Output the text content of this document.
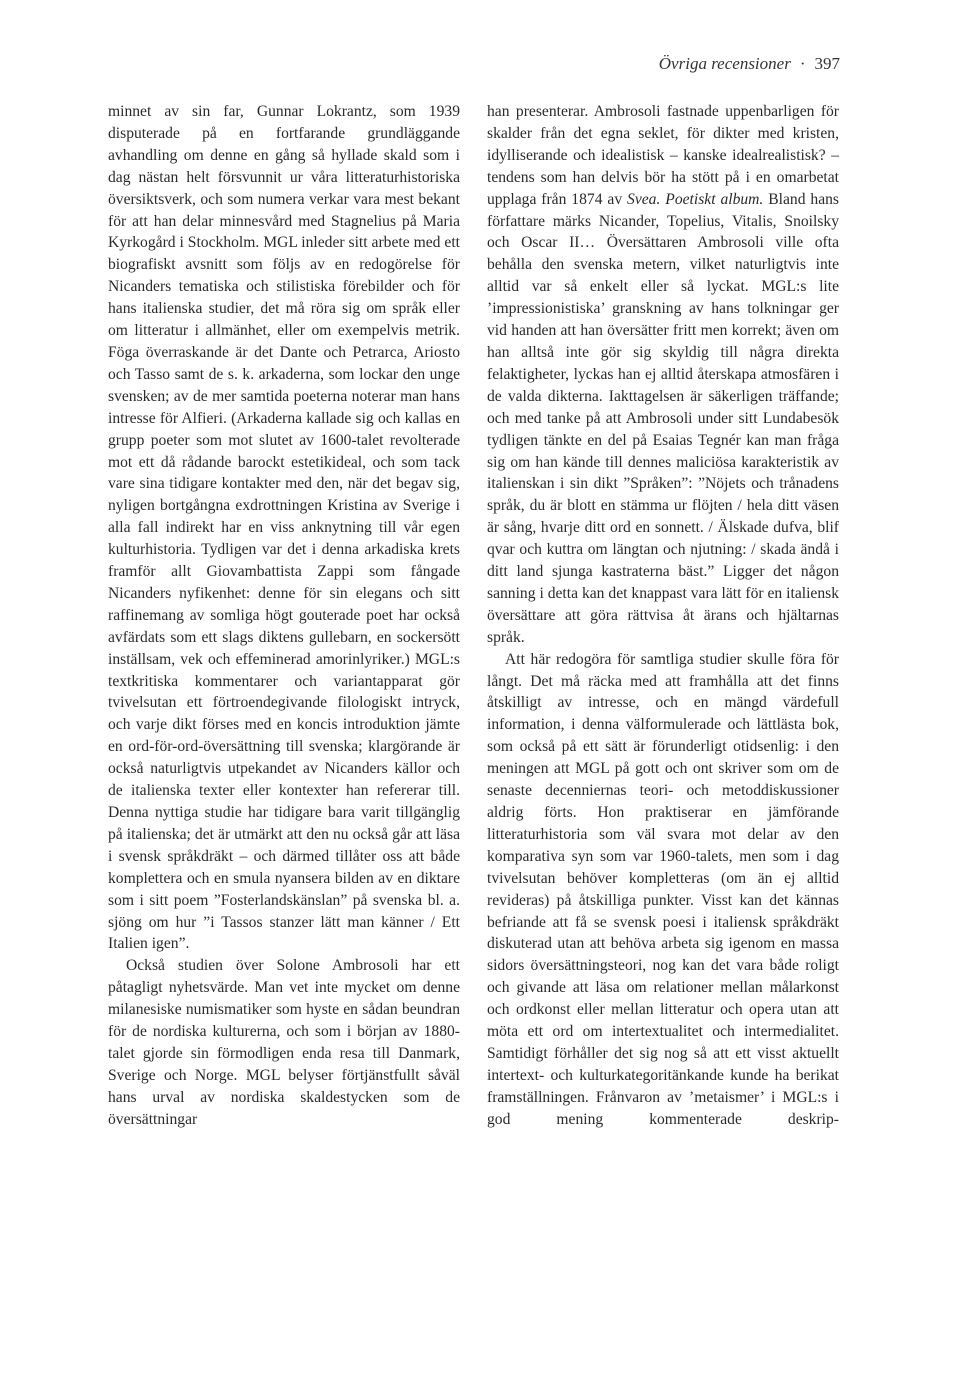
Övriga recensioner · 397

minnet av sin far, Gunnar Lokrantz, som 1939 disputerade på en fortfarande grundläggande avhandling om denne en gång så hyllade skald som i dag nästan helt försvunnit ur våra litteraturhistoriska översiktsverk, och som numera verkar vara mest bekant för att han delar minnesvård med Stagnelius på Maria Kyrkogård i Stockholm. MGL inleder sitt arbete med ett biografiskt avsnitt som följs av en redogörelse för Nicanders tematiska och stilistiska förebilder och för hans italienska studier, det må röra sig om språk eller om litteratur i allmänhet, eller om exempelvis metrik. Föga överraskande är det Dante och Petrarca, Ariosto och Tasso samt de s. k. arkaderna, som lockar den unge svensken; av de mer samtida poeterna noterar man hans intresse för Alfieri. (Arkaderna kallade sig och kallas en grupp poeter som mot slutet av 1600-talet revolterade mot ett då rådande barockt estetikideal, och som tack vare sina tidigare kontakter med den, när det begav sig, nyligen bortgångna exdrottningen Kristina av Sverige i alla fall indirekt har en viss anknytning till vår egen kulturhistoria. Tydligen var det i denna arkadiska krets framför allt Giovambattista Zappi som fångade Nicanders nyfikenhet: denne för sin elegans och sitt raffinemang av somliga högt gouterade poet har också avfärdats som ett slags diktens gullebarn, en sockersött inställsam, vek och effeminerad amorinlyriker.) MGL:s textkritiska kommentarer och variantapparat gör tvivelsutan ett förtroendegivande filologiskt intryck, och varje dikt förses med en koncis introduktion jämte en ord-för-ord-översättning till svenska; klargörande är också naturligtvis utpekandet av Nicanders källor och de italienska texter eller kontexter han refererar till. Denna nyttiga studie har tidigare bara varit tillgänglig på italienska; det är utmärkt att den nu också går att läsa i svensk språkdräkt – och därmed tillåter oss att både komplettera och en smula nyansera bilden av en diktare som i sitt poem ”Fosterlandskänslan” på svenska bl. a. sjöng om hur ”i Tassos stanzer lätt man känner / Ett Italien igen”.

Också studien över Solone Ambrosoli har ett påtagligt nyhetsvärde. Man vet inte mycket om denne milanesiske numismatiker som hyste en sådan beundran för de nordiska kulturerna, och som i början av 1880-talet gjorde sin förmodligen enda resa till Danmark, Sverige och Norge. MGL belyser förtjänstfullt såväl hans urval av nordiska skaldestycken som de översättningar

han presenterar. Ambrosoli fastnade uppenbarligen för skalder från det egna seklet, för dikter med kristen, idylliserande och idealistisk – kanske idealrealistisk? – tendens som han delvis bör ha stött på i en omarbetat upplaga från 1874 av Svea. Poetiskt album. Bland hans författare märks Nicander, Topelius, Vitalis, Snoilsky och Oscar II… Översättaren Ambrosoli ville ofta behålla den svenska metern, vilket naturligtvis inte alltid var så enkelt eller så lyckat. MGL:s lite ’impressionistiska’ granskning av hans tolkningar ger vid handen att han översätter fritt men korrekt; även om han alltså inte gör sig skyldig till några direkta felaktigheter, lyckas han ej alltid återskapa atmosfären i de valda dikterna. Iakttagelsen är säkerligen träffande; och med tanke på att Ambrosoli under sitt Lundabesök tydligen tänkte en del på Esaias Tegnér kan man fråga sig om han kände till dennes maliciösa karakteristik av italienskan i sin dikt ”Språken”: ”Nöjets och trånadens språk, du är blott en stämma ur flöjten / hela ditt väsen är sång, hvarje ditt ord en sonnett. / Älskade dufva, blif qvar och kuttra om längtan och njutning: / skada ändå i ditt land sjunga kastraterna bäst.” Ligger det någon sanning i detta kan det knappast vara lätt för en italiensk översättare att göra rättvisa åt ärans och hjältarnas språk.

Att här redogöra för samtliga studier skulle föra för långt. Det må räcka med att framhålla att det finns åtskilligt av intresse, och en mängd värdefull information, i denna välformulerade och lättlästa bok, som också på ett sätt är förunderligt otidsenlig: i den meningen att MGL på gott och ont skriver som om de senaste decenniernas teori- och metoddiskussioner aldrig förts. Hon praktiserar en jämförande litteraturhistoria som väl svara mot delar av den komparativa syn som var 1960-talets, men som i dag tvivelsutan behöver kompletteras (om än ej alltid revideras) på åtskilliga punkter. Visst kan det kännas befriande att få se svensk poesi i italiensk språkdräkt diskuterad utan att behöva arbeta sig igenom en massa sidors översättningsteori, nog kan det vara både roligt och givande att läsa om relationer mellan målarkonst och ordkonst eller mellan litteratur och opera utan att möta ett ord om intertextualitet och intermedialitet. Samtidigt förhåller det sig nog så att ett visst aktuellt intertext- och kulturkategoritänkande kunde ha berikat framställningen. Frånvaron av ’metaismer’ i MGL:s i god mening kommenterade deskrip-
